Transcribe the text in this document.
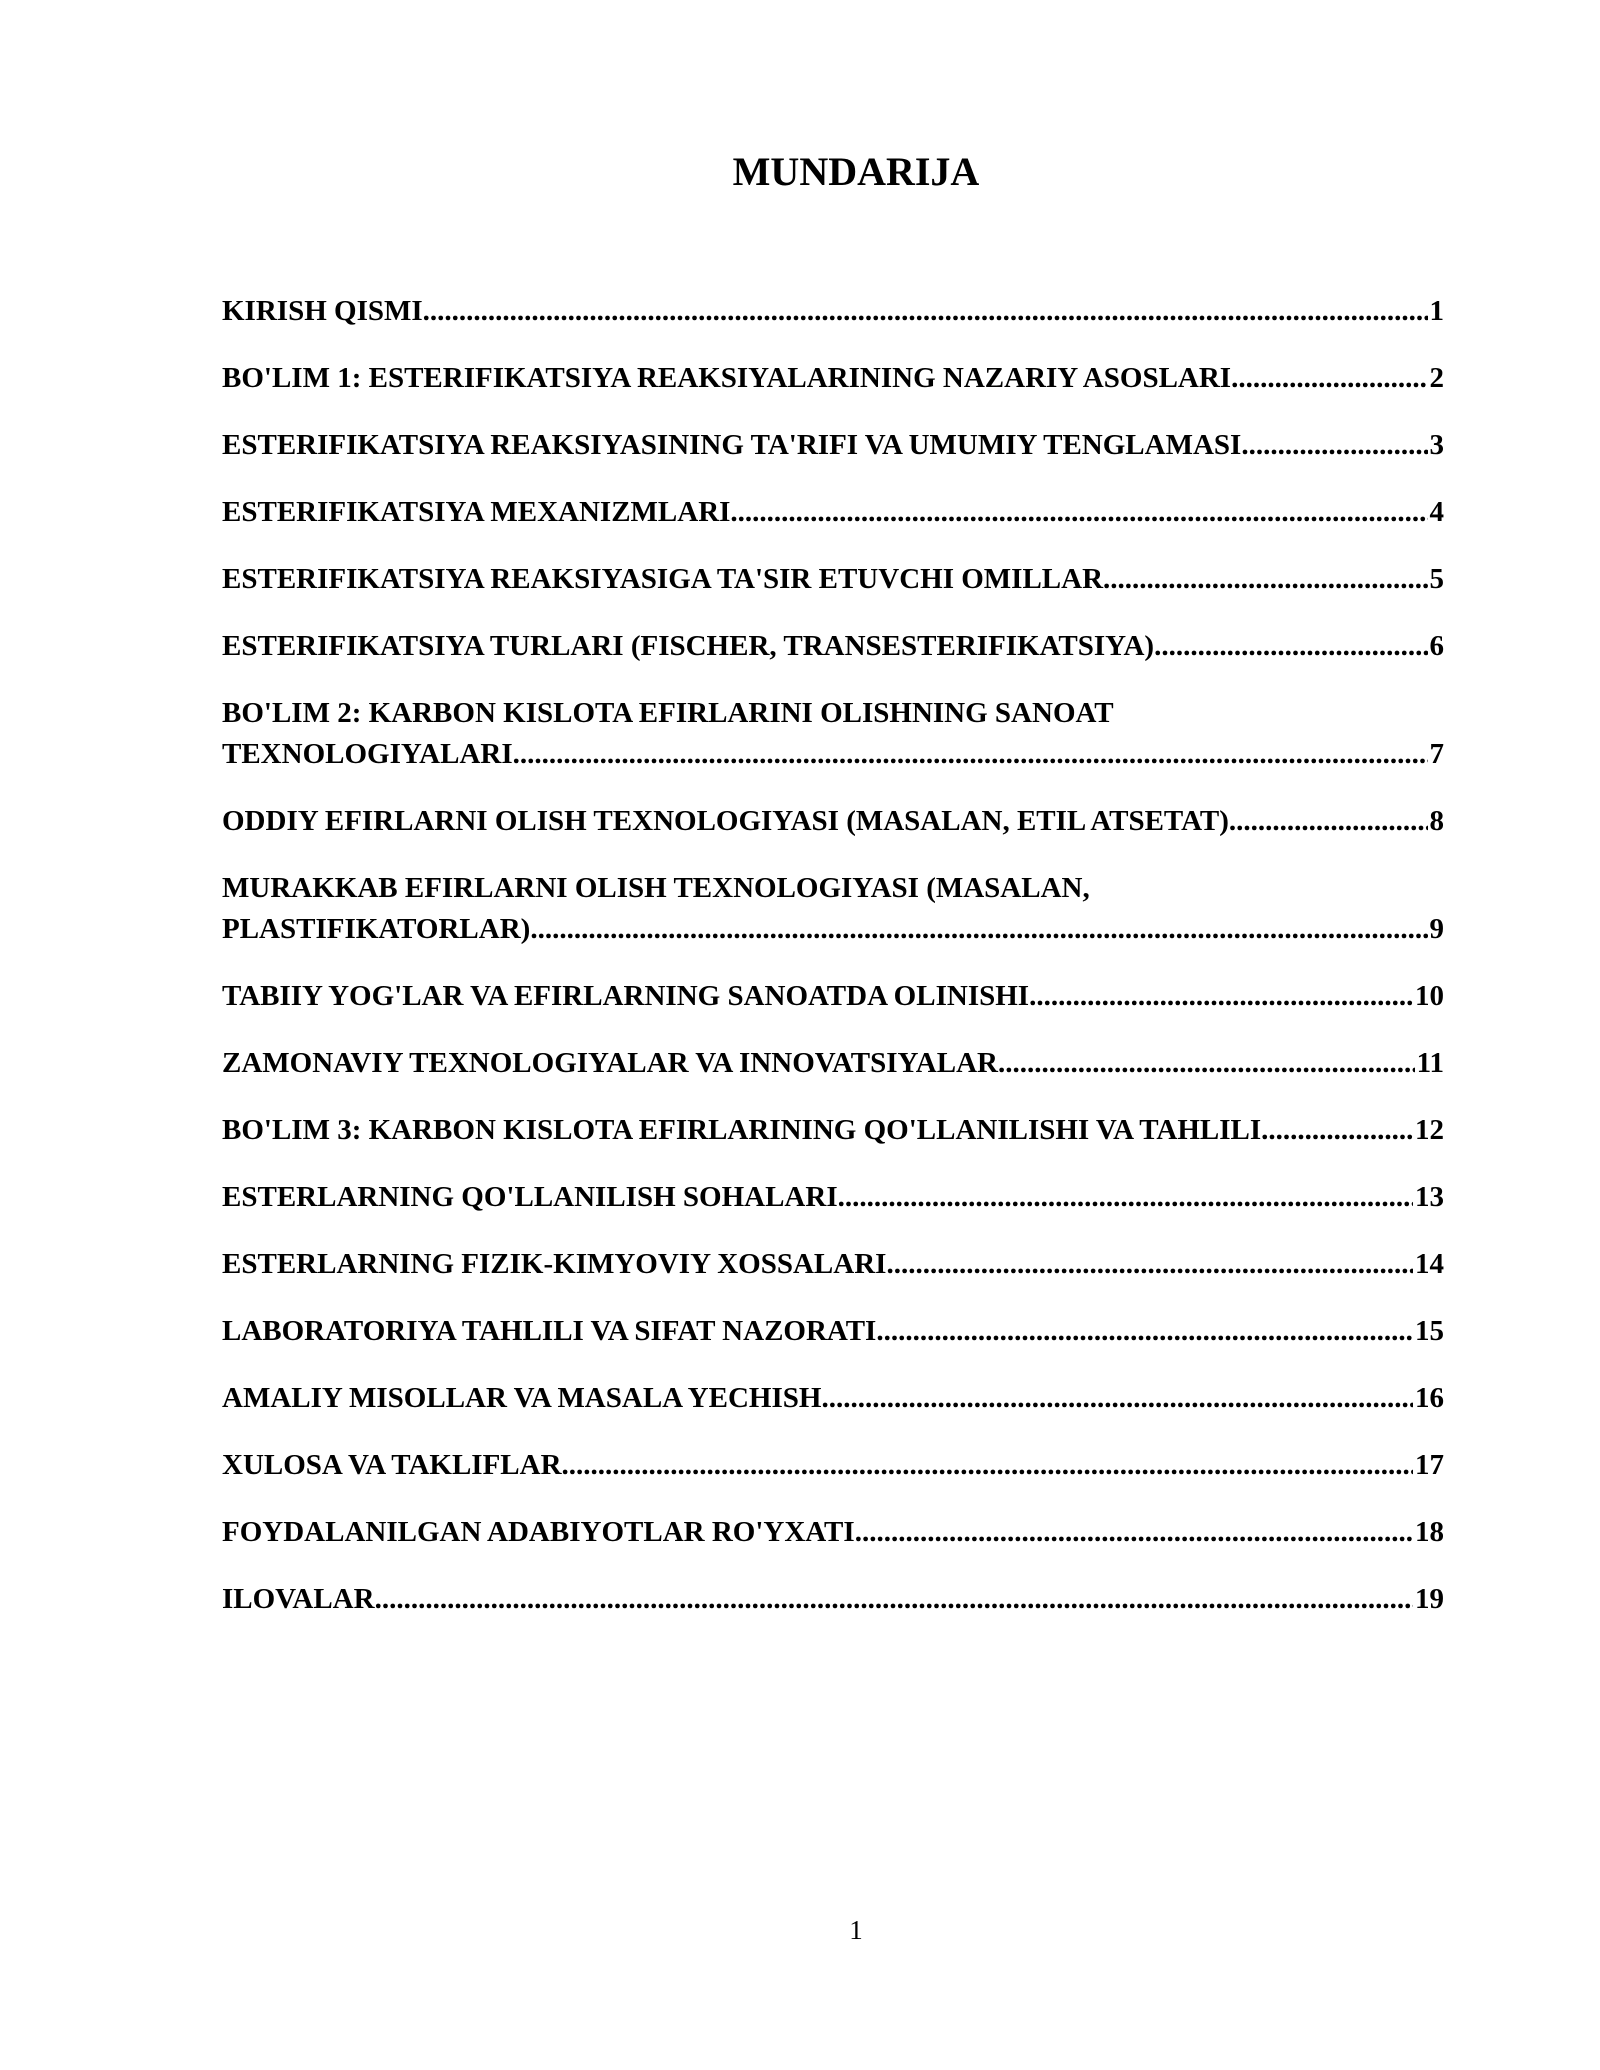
MUNDARIJA
KIRISH QISMI .....	1
BO'LIM 1: ESTERIFIKATSIYA REAKSIYALARINING NAZARIY ASOSLARI .....	2
ESTERIFIKATSIYA REAKSIYASINING TA'RIFI VA UMUMIY TENGLAMASI .....	3
ESTERIFIKATSIYA MEXANIZMLARI .....	4
ESTERIFIKATSIYA REAKSIYASIGA TA'SIR ETUVCHI OMILLAR .....	5
ESTERIFIKATSIYA TURLARI (FISCHER, TRANSESTERIFIKATSIYA) .....	6
BO'LIM 2: KARBON KISLOTA EFIRLARINI OLISHNING SANOAT
TEXNOLOGIYALARI .....	7
ODDIY EFIRLARNI OLISH TEXNOLOGIYASI (MASALAN, ETIL ATSETAT) .....	8
MURAKKAB EFIRLARNI OLISH TEXNOLOGIYASI (MASALAN,
PLASTIFIKATORLAR) .....	9
TABIIY YOG'LAR VA EFIRLARNING SANOATDA OLINISHI .....	10
ZAMONAVIY TEXNOLOGIYALAR VA INNOVATSIYALAR .....	11
BO'LIM 3: KARBON KISLOTA EFIRLARINING QO'LLANILISHI VA TAHLILI .....	12
ESTERLARNING QO'LLANILISH SOHALARI .....	13
ESTERLARNING FIZIK-KIMYOVIY XOSSALARI .....	14
LABORATORIYA TAHLILI VA SIFAT NAZORATI .....	15
AMALIY MISOLLAR VA MASALA YECHISH .....	16
XULOSA VA TAKLIFLAR .....	17
FOYDALANILGAN ADABIYOTLAR RO'YXATI .....	18
ILOVALAR .....	19
1
